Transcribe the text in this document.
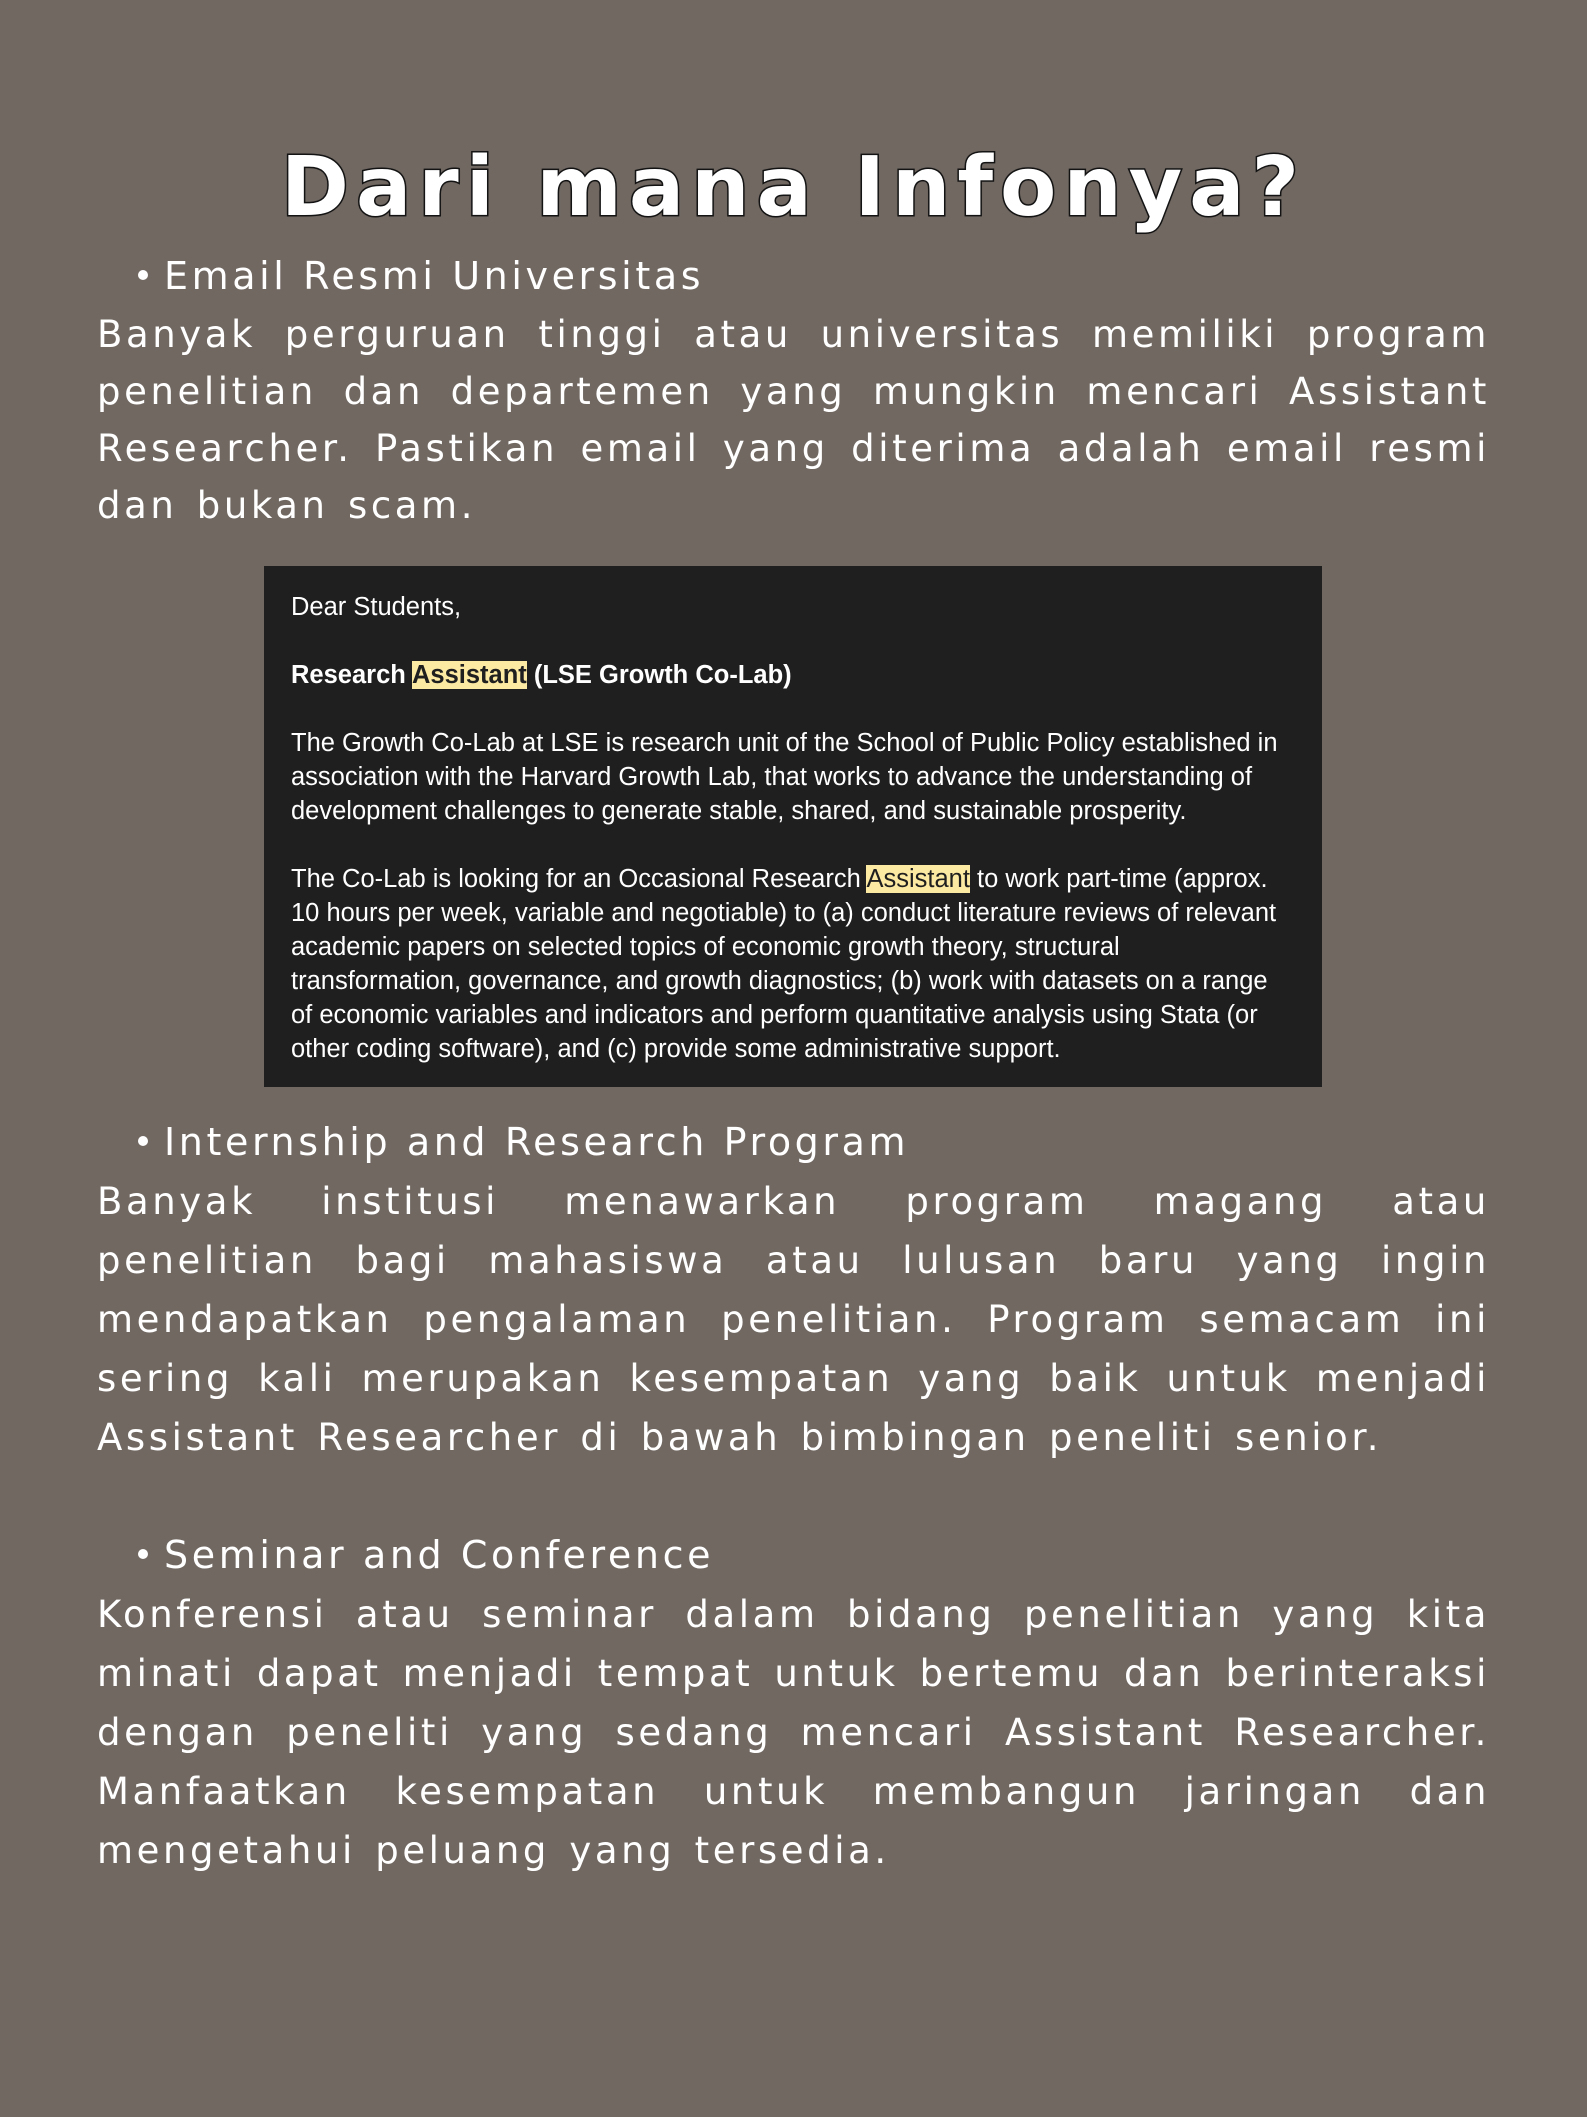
Dari mana Infonya?
Email Resmi Universitas
Banyak perguruan tinggi atau universitas memiliki program penelitian dan departemen yang mungkin mencari Assistant Researcher. Pastikan email yang diterima adalah email resmi dan bukan scam.

Dear Students,

Research Assistant (LSE Growth Co-Lab)

The Growth Co-Lab at LSE is research unit of the School of Public Policy established in association with the Harvard Growth Lab, that works to advance the understanding of development challenges to generate stable, shared, and sustainable prosperity.

The Co-Lab is looking for an Occasional Research Assistant to work part-time (approx. 10 hours per week, variable and negotiable) to (a) conduct literature reviews of relevant academic papers on selected topics of economic growth theory, structural transformation, governance, and growth diagnostics; (b) work with datasets on a range of economic variables and indicators and perform quantitative analysis using Stata (or other coding software), and (c) provide some administrative support.

Internship and Research Program
Banyak institusi menawarkan program magang atau penelitian bagi mahasiswa atau lulusan baru yang ingin mendapatkan pengalaman penelitian. Program semacam ini sering kali merupakan kesempatan yang baik untuk menjadi Assistant Researcher di bawah bimbingan peneliti senior.
Seminar and Conference
Konferensi atau seminar dalam bidang penelitian yang kita minati dapat menjadi tempat untuk bertemu dan berinteraksi dengan peneliti yang sedang mencari Assistant Researcher. Manfaatkan kesempatan untuk membangun jaringan dan mengetahui peluang yang tersedia.
